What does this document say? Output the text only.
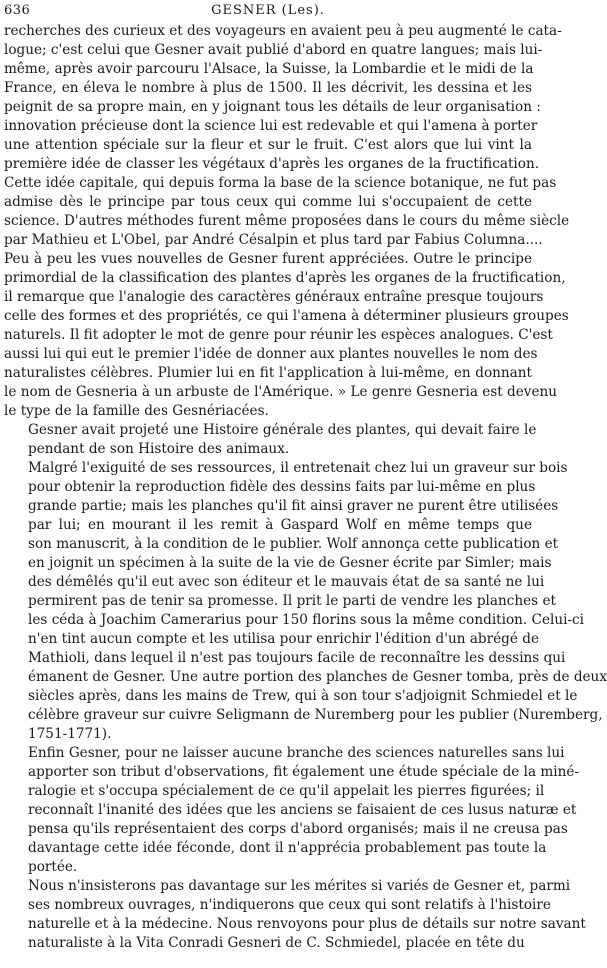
636	GESNER (Les).

recherches des curieux et des voyageurs en avaient peu à peu augmenté le cata-
logue; c'est celui que Gesner avait publié d'abord en quatre langues; mais lui-
même, après avoir parcouru l'Alsace, la Suisse, la Lombardie et le midi de la
France, en éleva le nombre à plus de 1500. Il les décrivit, les dessina et les
peignit de sa propre main, en y joignant tous les détails de leur organisation :
innovation précieuse dont la science lui est redevable et qui l'amena à porter
une attention spéciale sur la fleur et sur le fruit. C'est alors que lui vint la
première idée de classer les végétaux d'après les organes de la fructification.
Cette idée capitale, qui depuis forma la base de la science botanique, ne fut pas
admise dès le principe par tous ceux qui comme lui s'occupaient de cette
science. D'autres méthodes furent même proposées dans le cours du même siècle
par Mathieu et L'Obel, par André Césalpin et plus tard par Fabius Columna....
Peu à peu les vues nouvelles de Gesner furent appréciées. Outre le principe
primordial de la classification des plantes d'après les organes de la fructification,
il remarque que l'analogie des caractères généraux entraîne presque toujours
celle des formes et des propriétés, ce qui l'amena à déterminer plusieurs groupes
naturels. Il fit adopter le mot de genre pour réunir les espèces analogues. C'est
aussi lui qui eut le premier l'idée de donner aux plantes nouvelles le nom des
naturalistes célèbres. Plumier lui en fit l'application à lui-même, en donnant
le nom de Gesneria à un arbuste de l'Amérique. » Le genre Gesneria est devenu
le type de la famille des Gesnériacées.

Gesner avait projeté une Histoire générale des plantes, qui devait faire le
pendant de son Histoire des animaux.

Malgré l'exiguité de ses ressources, il entretenait chez lui un graveur sur bois
pour obtenir la reproduction fidèle des dessins faits par lui-même en plus
grande partie; mais les planches qu'il fit ainsi graver ne purent être utilisées
par lui; en mourant il les remit à Gaspard Wolf en même temps que
son manuscrit, à la condition de le publier. Wolf annonça cette publication et
en joignit un spécimen à la suite de la vie de Gesner écrite par Simler; mais
des démêlés qu'il eut avec son éditeur et le mauvais état de sa santé ne lui
permirent pas de tenir sa promesse. Il prit le parti de vendre les planches et
les céda à Joachim Camerarius pour 150 florins sous la même condition. Celui-ci
n'en tint aucun compte et les utilisa pour enrichir l'édition d'un abrégé de
Mathioli, dans lequel il n'est pas toujours facile de reconnaître les dessins qui
émanent de Gesner. Une autre portion des planches de Gesner tomba, près de deux
siècles après, dans les mains de Trew, qui à son tour s'adjoignit Schmiedel et le
célèbre graveur sur cuivre Seligmann de Nuremberg pour les publier (Nuremberg,
1751-1771).

Enfin Gesner, pour ne laisser aucune branche des sciences naturelles sans lui
apporter son tribut d'observations, fit également une étude spéciale de la miné-
ralogie et s'occupa spécialement de ce qu'il appelait les pierres figurées; il
reconnaît l'inanité des idées que les anciens se faisaient de ces lusus naturæ et
pensa qu'ils représentaient des corps d'abord organisés; mais il ne creusa pas
davantage cette idée féconde, dont il n'apprécia probablement pas toute la
portée.

Nous n'insisterons pas davantage sur les mérites si variés de Gesner et, parmi
ses nombreux ouvrages, n'indiquerons que ceux qui sont relatifs à l'histoire
naturelle et à la médecine. Nous renvoyons pour plus de détails sur notre savant
naturaliste à la Vita Conradi Gesneri de C. Schmiedel, placée en tête du
